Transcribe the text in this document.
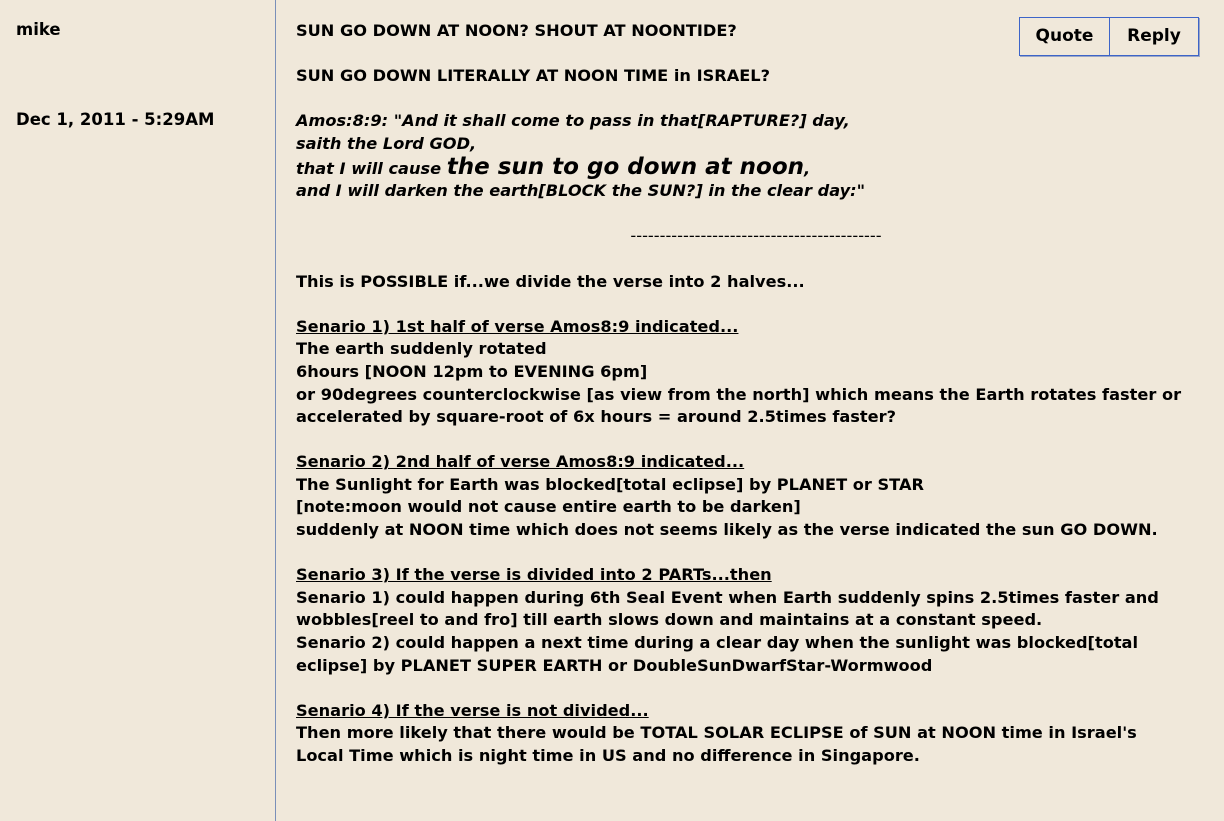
mike
Dec 1, 2011 - 5:29AM
Quote	Reply
SUN GO DOWN AT NOON? SHOUT AT NOONTIDE?
SUN GO DOWN LITERALLY AT NOON TIME in ISRAEL?
Amos:8:9: "And it shall come to pass in that[RAPTURE?] day,
saith the Lord GOD,
that I will cause the sun to go down at noon,
and I will darken the earth[BLOCK the SUN?] in the clear day:"
-------------------------------------------
This is POSSIBLE if...we divide the verse into 2 halves...
Senario 1) 1st half of verse Amos8:9 indicated...
The earth suddenly rotated
6hours [NOON 12pm to EVENING 6pm]
or 90degrees counterclockwise [as view from the north] which means the Earth rotates faster or
accelerated by square-root of 6x hours = around 2.5times faster?
Senario 2) 2nd half of verse Amos8:9 indicated...
The Sunlight for Earth was blocked[total eclipse] by PLANET or STAR
[note:moon would not cause entire earth to be darken]
suddenly at NOON time which does not seems likely as the verse indicated the sun GO DOWN.
Senario 3) If the verse is divided into 2 PARTs...then
Senario 1) could happen during 6th Seal Event when Earth suddenly spins 2.5times faster and
wobbles[reel to and fro] till earth slows down and maintains at a constant speed.
Senario 2) could happen a next time during a clear day when the sunlight was blocked[total
eclipse] by PLANET SUPER EARTH or DoubleSunDwarfStar-Wormwood
Senario 4) If the verse is not divided...
Then more likely that there would be TOTAL SOLAR ECLIPSE of SUN at NOON time in Israel's
Local Time which is night time in US and no difference in Singapore.
